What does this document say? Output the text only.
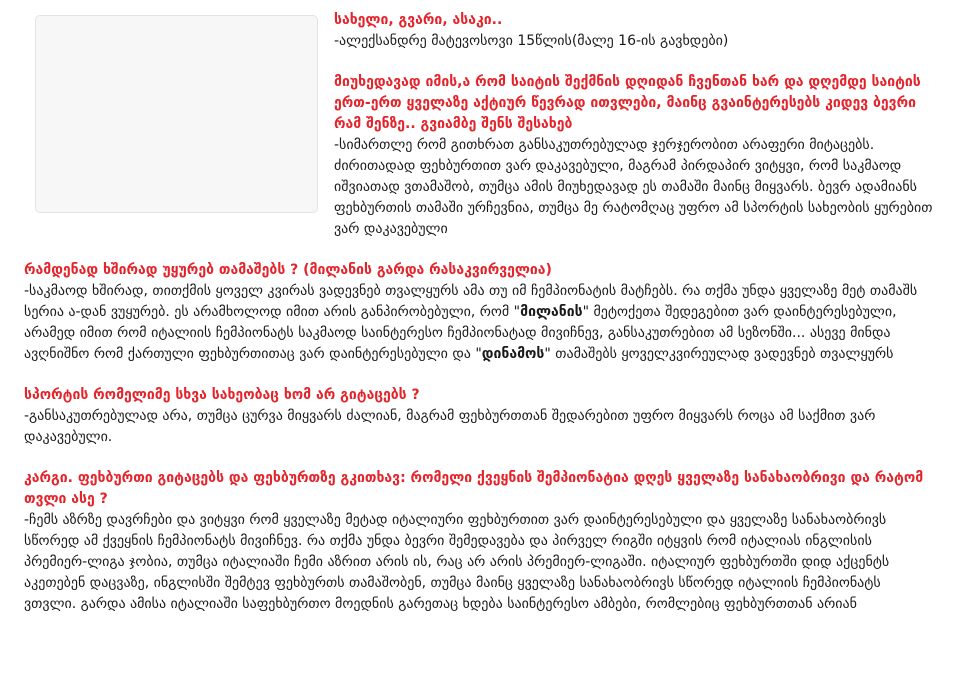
სახელი, გვარი, ასაკი..

-ალექსანდრე მატევოსოვი 15წლის(მალე 16-ის გავხდები)

მიუხედავად იმის,ა რომ საიტის შექმნის დღიდან ჩვენთან ხარ და დღემდე საიტის ერთ-ერთ ყველაზე აქტიურ წევრად ითვლები, მაინც გვაინტერესებს კიდევ ბევრი რამ შენზე.. გვიამბე შენს შესახებ

-სიმართლე რომ გითხრათ განსაკუთრებულად ჯერჯერობით არაფერი მიტაცებს. ძირითადად ფეხბურთით ვარ დაკავებული, მაგრამ პირდაპირ ვიტყვი, რომ საკმაოდ იშვიათად ვთამაშობ, თუმცა ამის მიუხედავად ეს თამაში მაინც მიყვარს. ბევრ ადამიანს ფეხბურთის თამაში ურჩევნია, თუმცა მე რატომღაც უფრო ამ სპორტის სახეობის ყურებით ვარ დაკავებული

რამდენად ხშირად უყურებ თამაშებს ? (მილანის გარდა რასაკვირველია)

-საკმაოდ ხშირად, თითქმის ყოველ კვირას ვადევნებ თვალყურს ამა თუ იმ ჩემპიონატის მატჩებს. რა თქმა უნდა ყველაზე მეტ თამაშს სერია ა-დან ვუყურებ. ეს არამხოლოდ იმით არის განპირობებული, რომ "მილანის" მეტოქეთა შედეგებით ვარ დაინტერესებული, არამედ იმით რომ იტალიის ჩემპიონატს საკმაოდ საინტერესო ჩემპიონატად მივიჩნევ, განსაკუთრებით ამ სეზონში... ასევე მინდა ავღნიშნო რომ ქართული ფეხბურთითაც ვარ დაინტერესებული და "დინამოს" თამაშებს ყოველკვირეულად ვადევნებ თვალყურს

სპორტის რომელიმე სხვა სახეობაც ხომ არ გიტაცებს ?

-განსაკუთრებულად არა, თუმცა ცურვა მიყვარს ძალიან, მაგრამ ფეხბურთთან შედარებით უფრო მიყვარს როცა ამ საქმით ვარ დაკავებული.

კარგი. ფეხბურთი გიტაცებს და ფეხბურთზე გკითხავ: რომელი ქვეყნის შემპიონატია დღეს ყველაზე სანახაობრივი და რატომ თვლი ასე ?

-ჩემს აზრზე დავრჩები და ვიტყვი რომ ყველაზე მეტად იტალიური ფეხბურთით ვარ დაინტერესებული და ყველაზე სანახაობრივს სწორედ ამ ქვეყნის ჩემპიონატს მივიჩნევ. რა თქმა უნდა ბევრი შემედავება და პირველ რიგში იტყვის რომ იტალიას ინგლისის პრემიერ-ლიგა ჯობია, თუმცა იტალიაში ჩემი აზრით არის ის, რაც არ არის პრემიერ-ლიგაში. იტალიურ ფეხბურთში დიდ აქცენტს აკეთებენ დაცვაზე, ინგლისში შემტევ ფეხბურთს თამაშობენ, თუმცა მაინც ყველაზე სანახაობრივს სწორედ იტალიის ჩემპიონატს ვთვლი. გარდა ამისა იტალიაში საფეხბურთო მოედნის გარეთაც ხდება საინტერესო ამბები, რომლებიც ფეხბურთთან არიან
